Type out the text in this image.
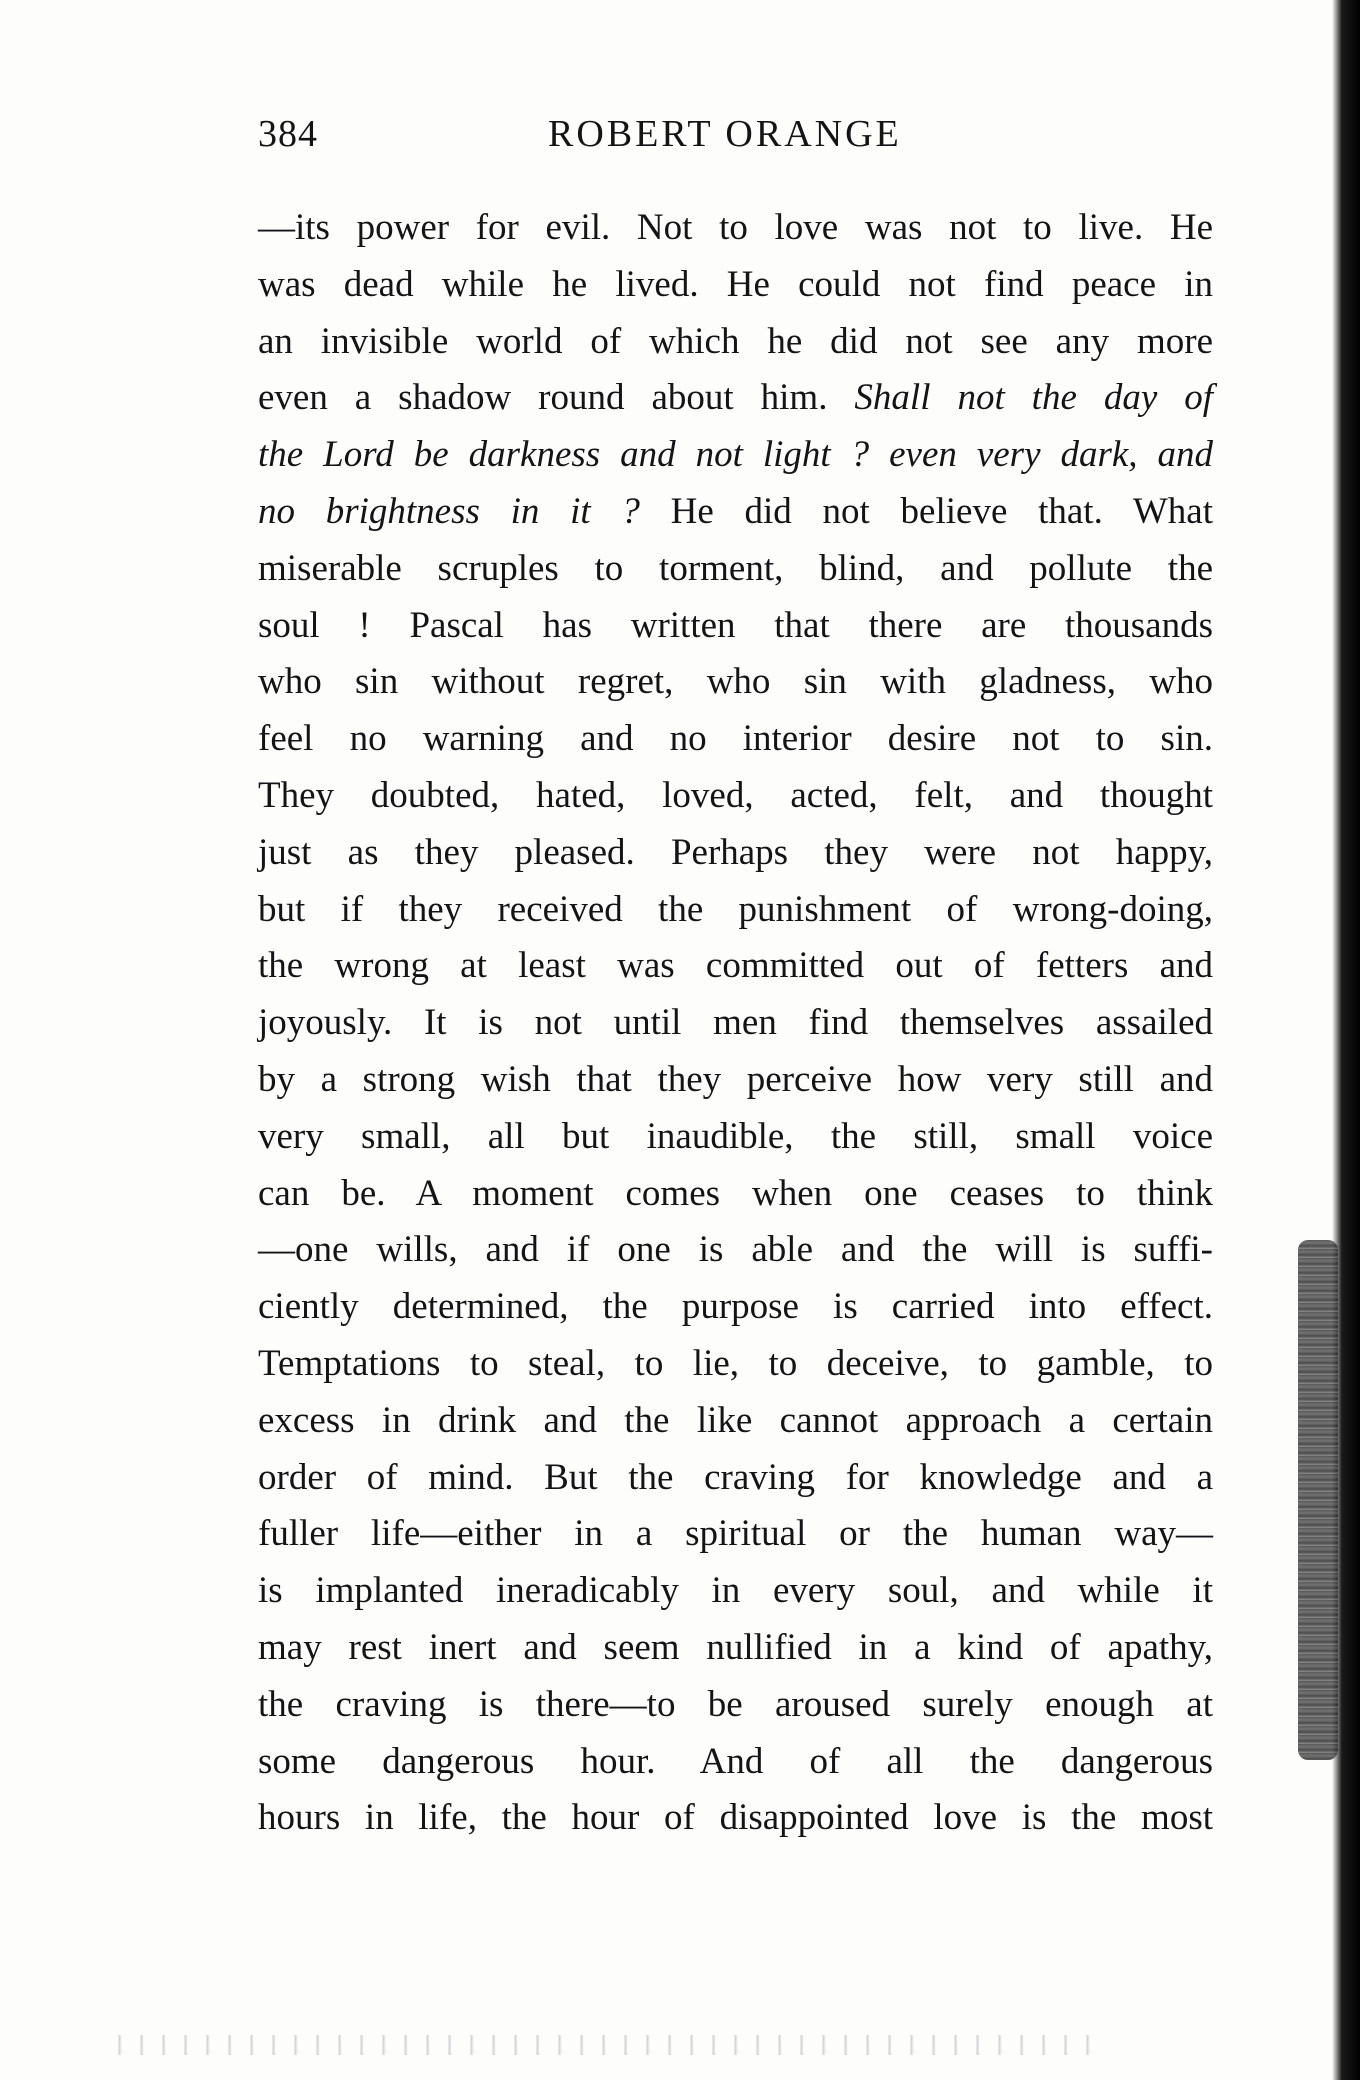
384	ROBERT ORANGE
—its power for evil. Not to love was not to live. He
was dead while he lived. He could not find peace in
an invisible world of which he did not see any more
even a shadow round about him. Shall not the day of
the Lord be darkness and not light ? even very dark, and
no brightness in it ? He did not believe that. What
miserable scruples to torment, blind, and pollute the
soul ! Pascal has written that there are thousands
who sin without regret, who sin with gladness, who
feel no warning and no interior desire not to sin.
They doubted, hated, loved, acted, felt, and thought
just as they pleased. Perhaps they were not happy,
but if they received the punishment of wrong-doing,
the wrong at least was committed out of fetters and
joyously. It is not until men find themselves assailed
by a strong wish that they perceive how very still and
very small, all but inaudible, the still, small voice
can be. A moment comes when one ceases to think
—one wills, and if one is able and the will is suffi-
ciently determined, the purpose is carried into effect.
Temptations to steal, to lie, to deceive, to gamble, to
excess in drink and the like cannot approach a certain
order of mind. But the craving for knowledge and a
fuller life—either in a spiritual or the human way—
is implanted ineradicably in every soul, and while it
may rest inert and seem nullified in a kind of apathy,
the craving is there—to be aroused surely enough at
some dangerous hour. And of all the dangerous
hours in life, the hour of disappointed love is the most
